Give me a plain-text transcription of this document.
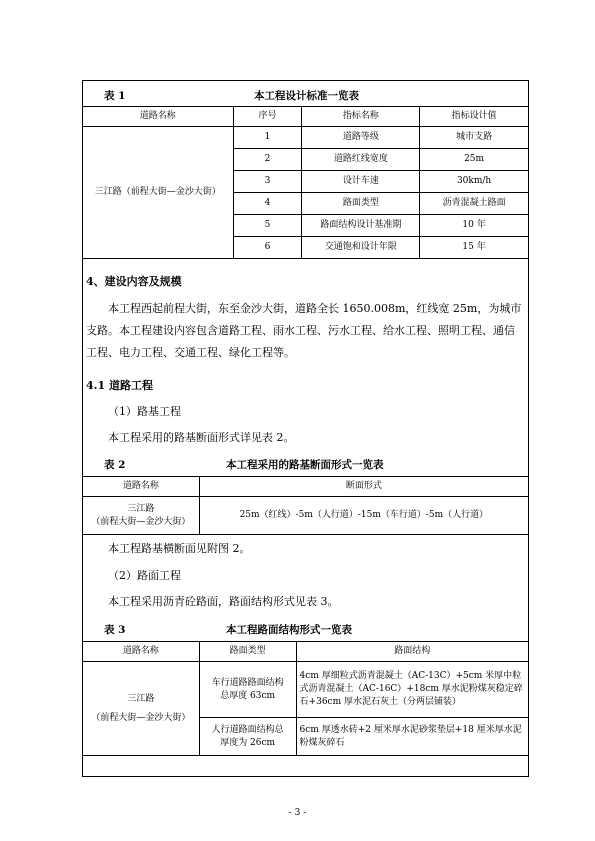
表 1	本工程设计标准一览表
道路名称	序号	指标名称	指标设计值
三江路（前程大街—金沙大街）	1	道路等级	城市支路
	2	道路红线宽度	25m
	3	设计车速	30km/h
	4	路面类型	沥青混凝土路面
	5	路面结构设计基准期	10 年
	6	交通饱和设计年限	15 年
4、建设内容及规模
本工程西起前程大街，东至金沙大街，道路全长 1650.008m，红线宽 25m，为城市支路。本工程建设内容包含道路工程、雨水工程、污水工程、给水工程、照明工程、通信工程、电力工程、交通工程、绿化工程等。
4.1 道路工程
（1）路基工程
本工程采用的路基断面形式详见表 2。
表 2	本工程采用的路基断面形式一览表
道路名称	断面形式

三江路
（前程大街—金沙大街）	25m（红线）-5m（人行道）-15m（车行道）-5m（人行道）
本工程路基横断面见附图 2。
（2）路面工程
本工程采用沥青砼路面，路面结构形式见表 3。
表 3	本工程路面结构形式一览表
道路名称	路面类型	路面结构

三江路
（前程大街—金沙大街）	车行道路路面结构总厚度 63cm	4cm 厚细粒式沥青混凝土（AC-13C）+5cm 米厚中粒式沥青混凝土（AC-16C）+18cm 厚水泥粉煤灰稳定碎石+36cm 厚水泥石灰土（分两层铺装）
	人行道路面结构总厚度为 26cm	6cm 厚透水砖+2 厘米厚水泥砂浆垫层+18 厘米厚水泥粉煤灰碎石
- 3 -
